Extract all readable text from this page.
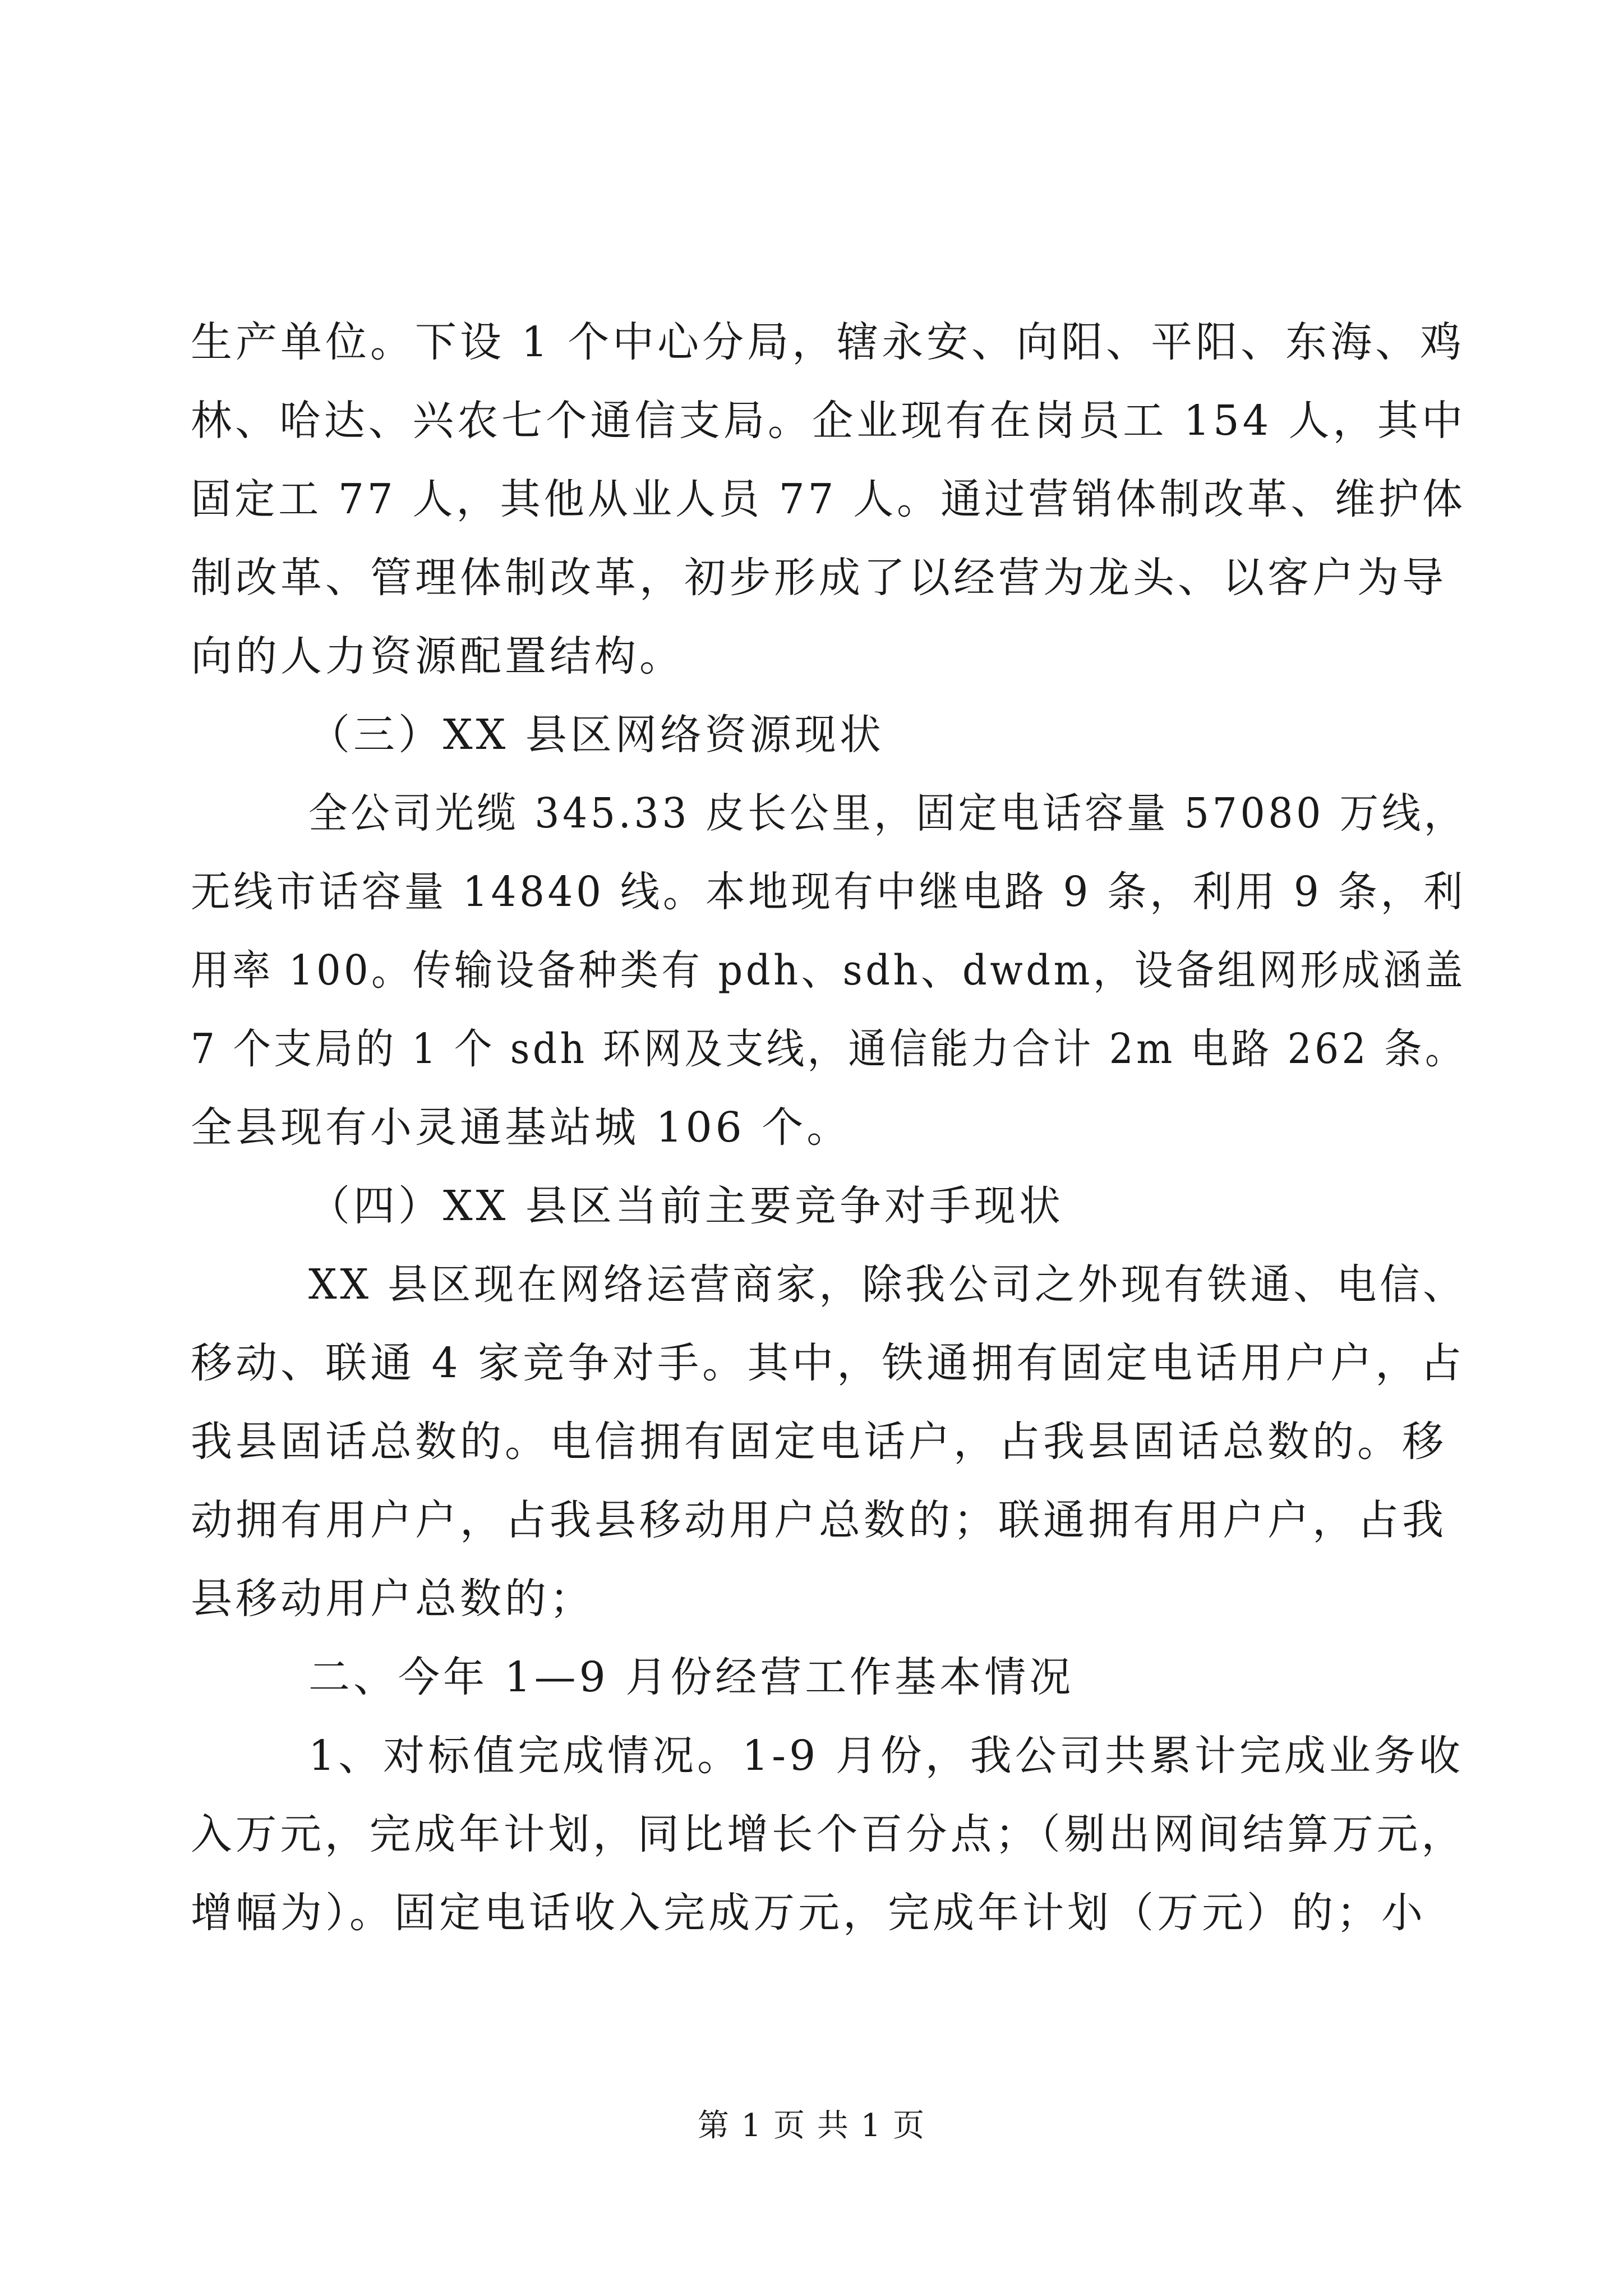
生产单位。下设 1 个中心分局，辖永安、向阳、平阳、东海、鸡
林、哈达、兴农七个通信支局。企业现有在岗员工 154 人，其中
固定工 77 人，其他从业人员 77 人。通过营销体制改革、维护体
制改革、管理体制改革，初步形成了以经营为龙头、以客户为导
向的人力资源配置结构。
（三）XX 县区网络资源现状
全公司光缆 345.33 皮长公里，固定电话容量 57080 万线，
无线市话容量 14840 线。本地现有中继电路 9 条，利用 9 条，利
用率 100。传输设备种类有 pdh、sdh、dwdm，设备组网形成涵盖
7 个支局的 1 个 sdh 环网及支线，通信能力合计 2m 电路 262 条。
全县现有小灵通基站城 106 个。
（四）XX 县区当前主要竞争对手现状
XX 县区现在网络运营商家，除我公司之外现有铁通、电信、
移动、联通 4 家竞争对手。其中，铁通拥有固定电话用户户，占
我县固话总数的。电信拥有固定电话户，占我县固话总数的。移
动拥有用户户，占我县移动用户总数的；联通拥有用户户，占我
县移动用户总数的；
二、今年 1—9 月份经营工作基本情况
1、对标值完成情况。1-9 月份，我公司共累计完成业务收
入万元，完成年计划，同比增长个百分点；（剔出网间结算万元，
增幅为）。固定电话收入完成万元，完成年计划（万元）的；小
第 1 页 共 1 页
